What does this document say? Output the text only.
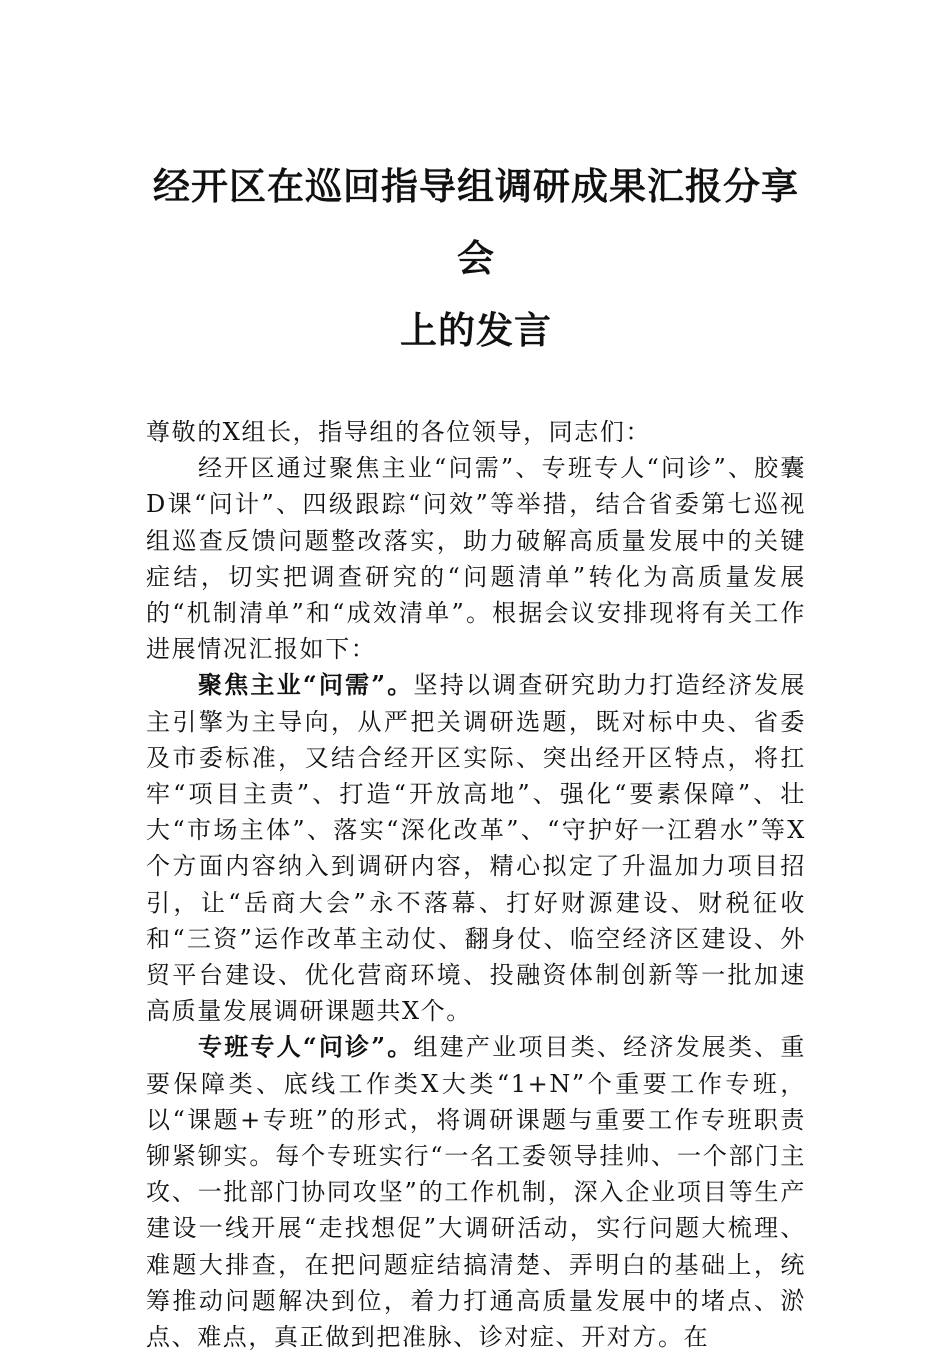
经开区在巡回指导组调研成果汇报分享会
上的发言

尊敬的X组长，指导组的各位领导，同志们：

经开区通过聚焦主业“问需”、专班专人“问诊”、胶囊D课“问计”、四级跟踪“问效”等举措，结合省委第七巡视组巡查反馈问题整改落实，助力破解高质量发展中的关键症结，切实把调查研究的“问题清单”转化为高质量发展的“机制清单”和“成效清单”。根据会议安排现将有关工作进展情况汇报如下：

聚焦主业“问需”。坚持以调查研究助力打造经济发展主引擎为主导向，从严把关调研选题，既对标中央、省委及市委标准，又结合经开区实际、突出经开区特点，将扛牢“项目主责”、打造“开放高地”、强化“要素保障”、壮大“市场主体”、落实“深化改革”、“守护好一江碧水”等X个方面内容纳入到调研内容，精心拟定了升温加力项目招引，让“岳商大会”永不落幕、打好财源建设、财税征收和“三资”运作改革主动仗、翻身仗、临空经济区建设、外贸平台建设、优化营商环境、投融资体制创新等一批加速高质量发展调研课题共X个。

专班专人“问诊”。组建产业项目类、经济发展类、重要保障类、底线工作类X大类“1+N”个重要工作专班，以“课题+专班”的形式，将调研课题与重要工作专班职责铆紧铆实。每个专班实行“一名工委领导挂帅、一个部门主攻、一批部门协同攻坚”的工作机制，深入企业项目等生产建设一线开展“走找想促”大调研活动，实行问题大梳理、难题大排查，在把问题症结搞清楚、弄明白的基础上，统筹推动问题解决到位，着力打通高质量发展中的堵点、淤点、难点，真正做到把准脉、诊对症、开对方。在
